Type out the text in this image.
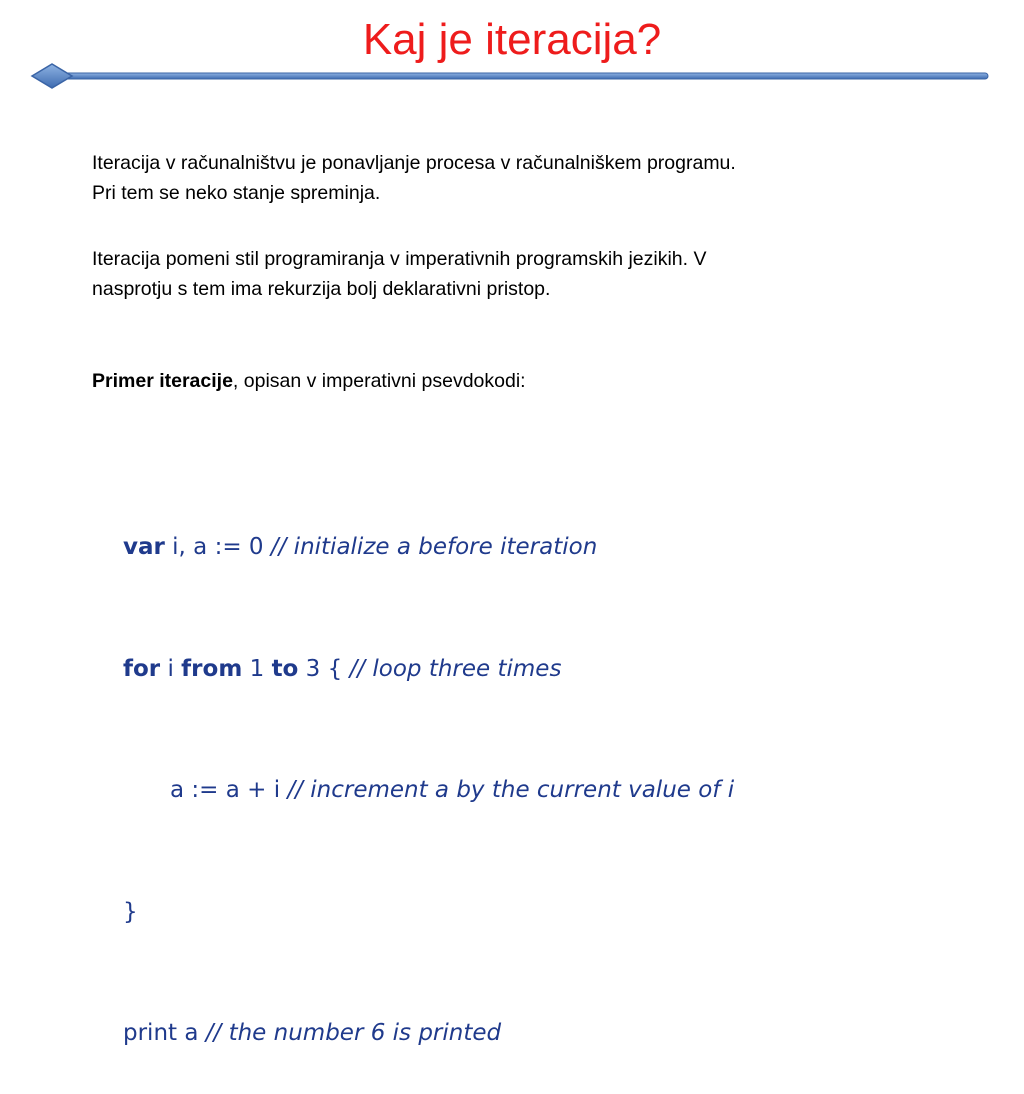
Kaj je iteracija?
Iteracija v računalništvu je ponavljanje procesa v računalniškem programu.
Pri tem se neko stanje spreminja.
Iteracija pomeni stil programiranja v imperativnih programskih jezikih. V
nasprotju s tem ima rekurzija bolj deklarativni pristop.
Primer iteracije, opisan v imperativni psevdokodi:

var i, a := 0 // initialize a before iteration

for i from 1 to 3 { // loop three times

a := a + i // increment a by the current value of i

}

print a // the number 6 is printed
